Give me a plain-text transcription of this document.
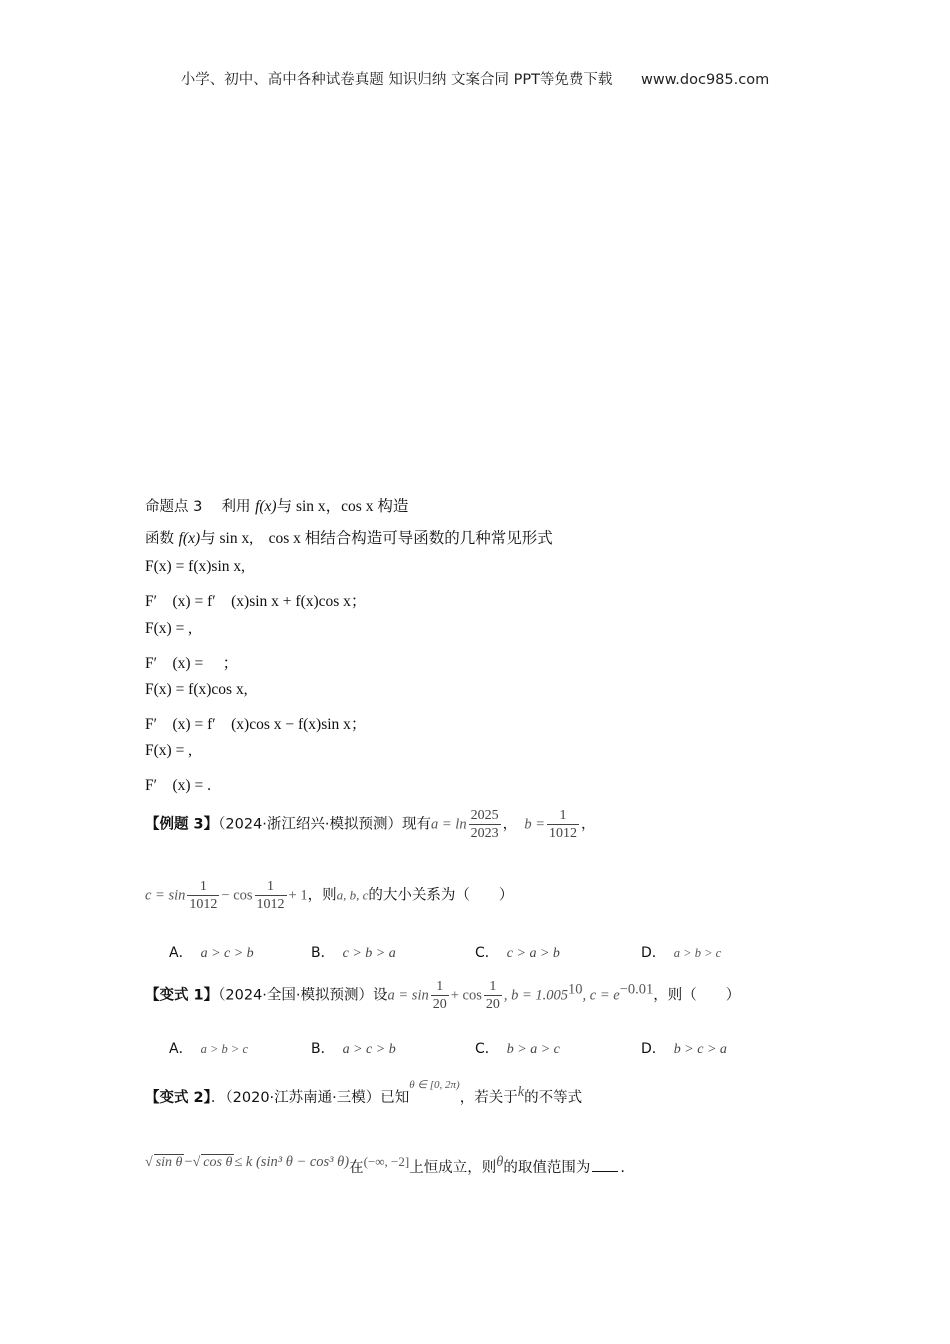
小学、初中、高中各种试卷真题 知识归纳 文案合同 PPT等免费下载 www.doc985.com
命题点 3　 利用 f(x)与 sin x，cos x 构造
函数 f(x)与 sin x,　cos x 相结合构造可导函数的几种常见形式
F(x) = f(x)sin x,
F′　(x) = f′　(x)sin x + f(x)cos x；
F(x) = ,
F′　(x) = 　；
F(x) = f(x)cos x,
F′　(x) = f′　(x)cos x − f(x)sin x；
F(x) = ,
F′　(x) = .
【例题 3】（2024·浙江绍兴·模拟预测）现有$a = \ln \frac{2025}{2023}$ ，　 $b = \frac{1}{1012}$ ，
$c = \sin \frac{1}{1012} - \cos \frac{1}{1012} + 1$，则a, b, c的大小关系为（　　）
A． a > c > b	B． c > b > a	C． c > a > b	D． a > b > c
【变式 1】（2024·全国·模拟预测）设$a = \sin \frac{1}{20} + \cos \frac{1}{20}$ , $b = 1.005^{10}$, $c = e^{-0.01}$，则（　　）
A． a > b > c	B． a > c > b	C． b > a > c	D． b > c > a
【变式 2】．（2020·江苏南通·三模）已知$^{\theta \in [0, 2\pi)}$，若关于k的不等式
√ sin θ −√ cos θ ≤ k (sin³ θ − cos³ θ)在(−∞, −2]上恒成立，则θ的取值范围为 .
